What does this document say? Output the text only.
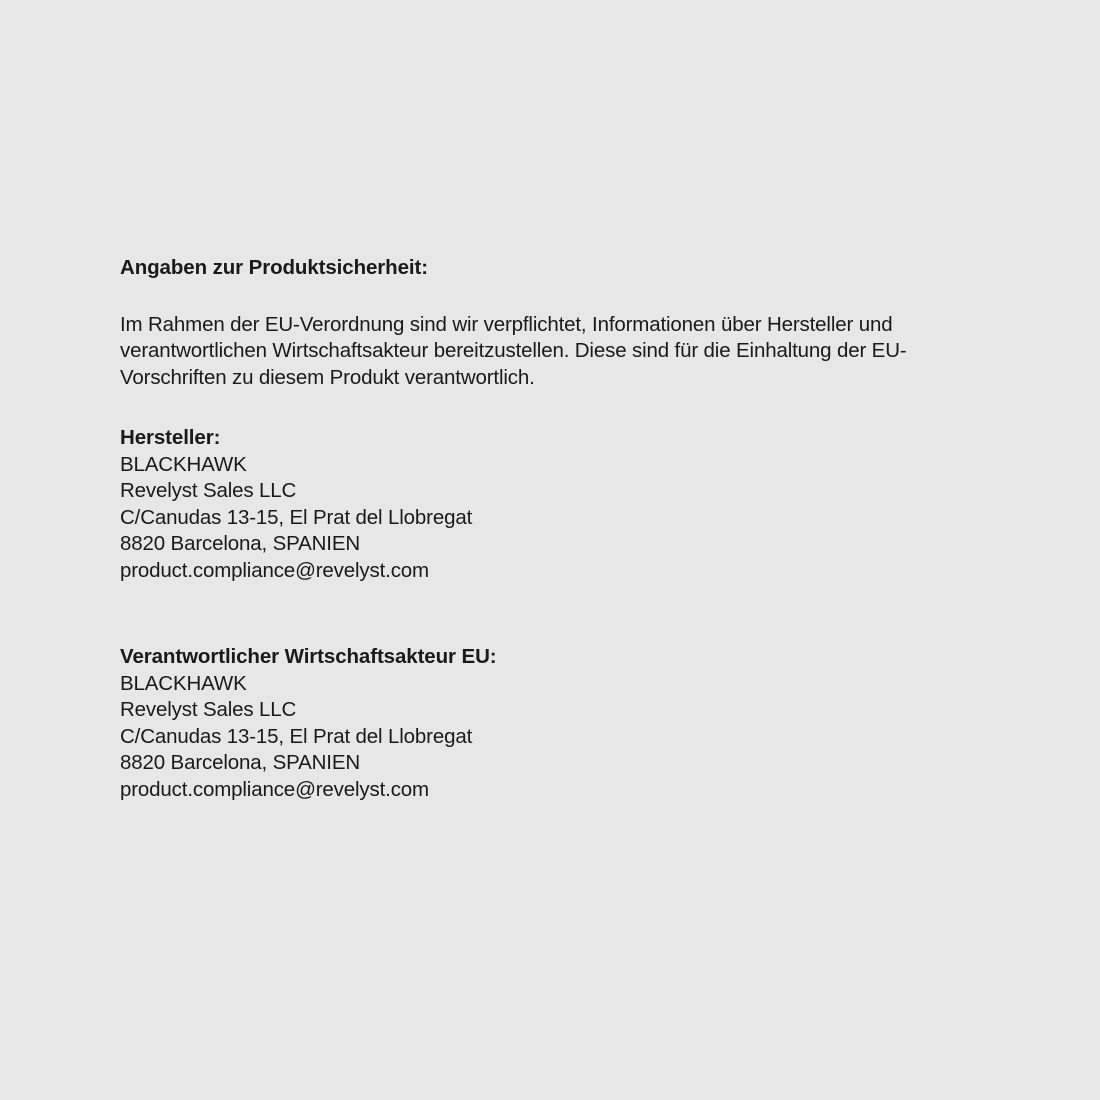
Angaben zur Produktsicherheit:

Im Rahmen der EU-Verordnung sind wir verpflichtet, Informationen über Hersteller und verantwortlichen Wirtschaftsakteur bereitzustellen. Diese sind für die Einhaltung der EU-Vorschriften zu diesem Produkt verantwortlich.

Hersteller:

BLACKHAWK

Revelyst Sales LLC

C/Canudas 13-15, El Prat del Llobregat

8820 Barcelona, SPANIEN

product.compliance@revelyst.com

Verantwortlicher Wirtschaftsakteur EU:

BLACKHAWK

Revelyst Sales LLC

C/Canudas 13-15, El Prat del Llobregat

8820 Barcelona, SPANIEN

product.compliance@revelyst.com
